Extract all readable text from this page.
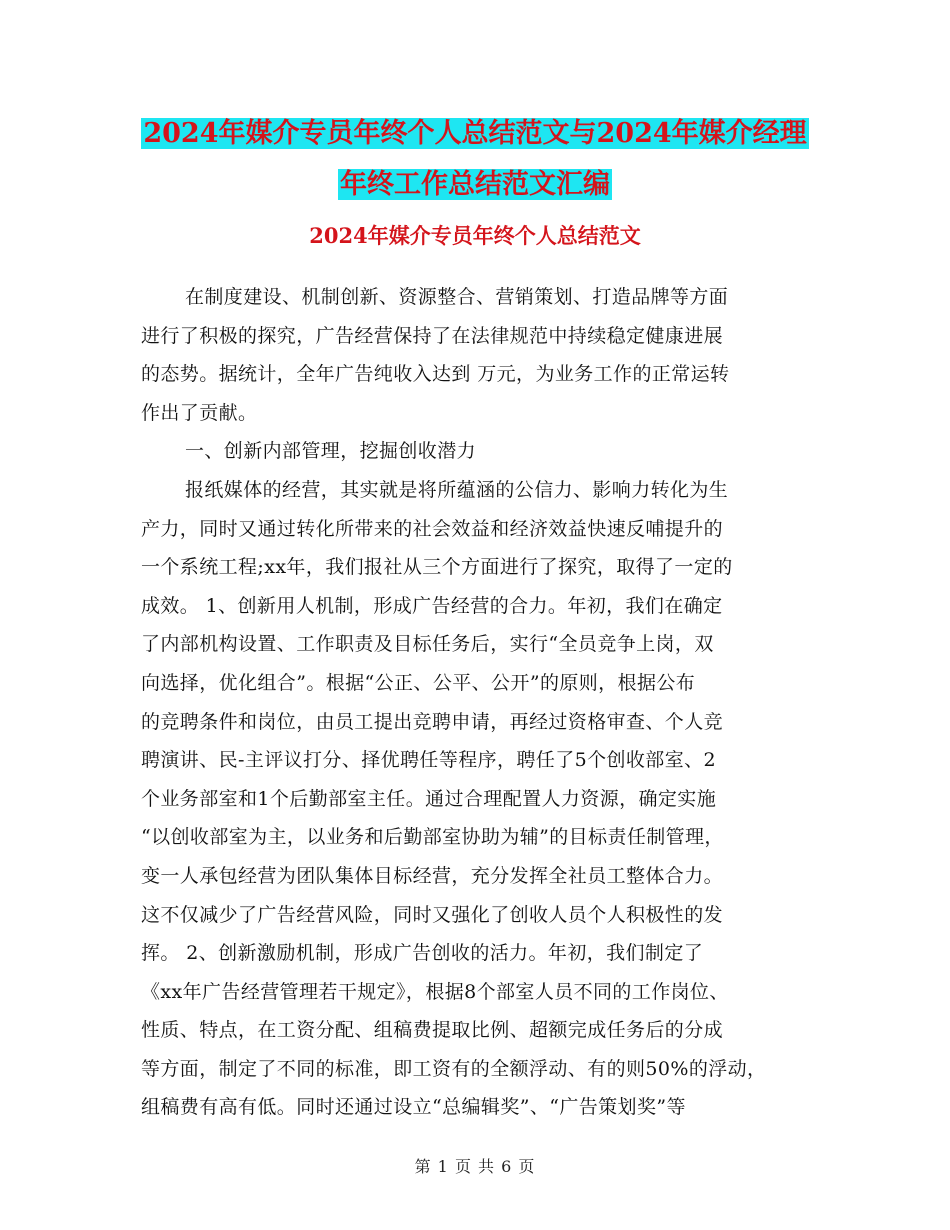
2024年媒介专员年终个人总结范文与2024年媒介经理
年终工作总结范文汇编
2024年媒介专员年终个人总结范文
在制度建设、机制创新、资源整合、营销策划、打造品牌等方面
进行了积极的探究，广告经营保持了在法律规范中持续稳定健康进展
的态势。据统计，全年广告纯收入达到 万元，为业务工作的正常运转
作出了贡献。
一、创新内部管理，挖掘创收潜力
报纸媒体的经营，其实就是将所蕴涵的公信力、影响力转化为生
产力，同时又通过转化所带来的社会效益和经济效益快速反哺提升的
一个系统工程;xx年，我们报社从三个方面进行了探究，取得了一定的
成效。 1、创新用人机制，形成广告经营的合力。年初，我们在确定
了内部机构设置、工作职责及目标任务后，实行“全员竞争上岗，双
向选择，优化组合”。根据“公正、公平、公开”的原则，根据公布
的竞聘条件和岗位，由员工提出竞聘申请，再经过资格审查、个人竞
聘演讲、民-主评议打分、择优聘任等程序，聘任了5个创收部室、2
个业务部室和1个后勤部室主任。通过合理配置人力资源，确定实施
“以创收部室为主，以业务和后勤部室协助为辅”的目标责任制管理，
变一人承包经营为团队集体目标经营，充分发挥全社员工整体合力。
这不仅减少了广告经营风险，同时又强化了创收人员个人积极性的发
挥。 2、创新激励机制，形成广告创收的活力。年初，我们制定了
《xx年广告经营管理若干规定》，根据8个部室人员不同的工作岗位、
性质、特点，在工资分配、组稿费提取比例、超额完成任务后的分成
等方面，制定了不同的标准，即工资有的全额浮动、有的则50%的浮动，
组稿费有高有低。同时还通过设立“总编辑奖”、“广告策划奖”等
第 1 页 共 6 页
